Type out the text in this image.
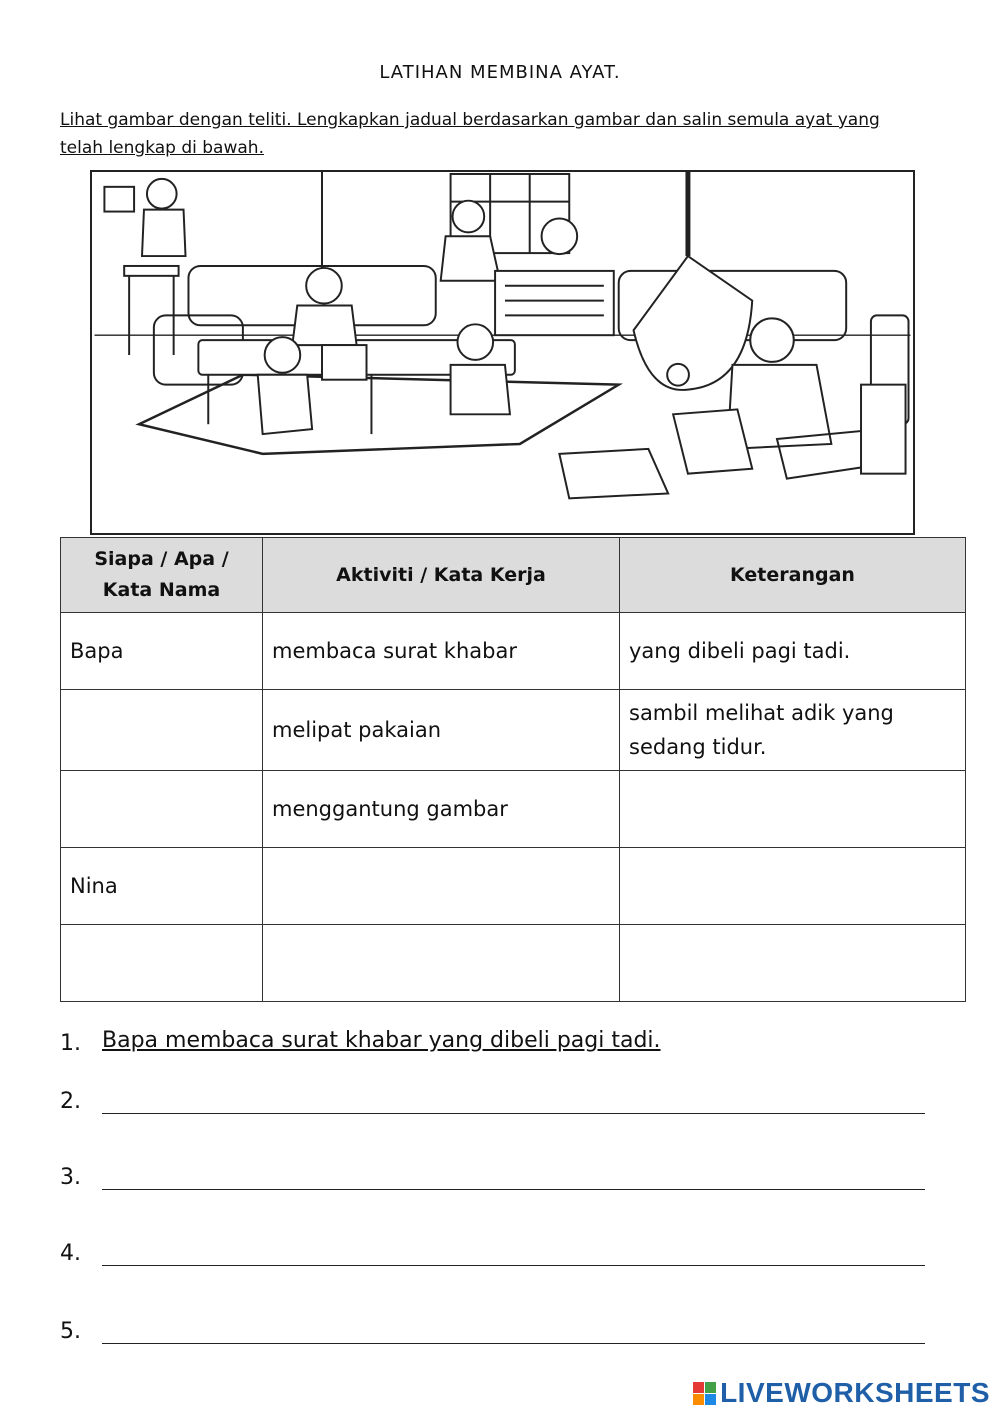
LATIHAN MEMBINA AYAT.
Lihat gambar dengan teliti. Lengkapkan jadual berdasarkan gambar dan salin semula ayat yang telah lengkap di bawah.
Siapa / Apa / Kata Nama	Aktiviti / Kata Kerja	Keterangan
Bapa	membaca surat khabar	yang dibeli pagi tadi.
	melipat pakaian	sambil melihat adik yang sedang tidur.
	menggantung gambar	
Nina		

1. Bapa membaca surat khabar yang dibeli pagi tadi.
2.
3.
4.
5.
LIVEWORKSHEETS
